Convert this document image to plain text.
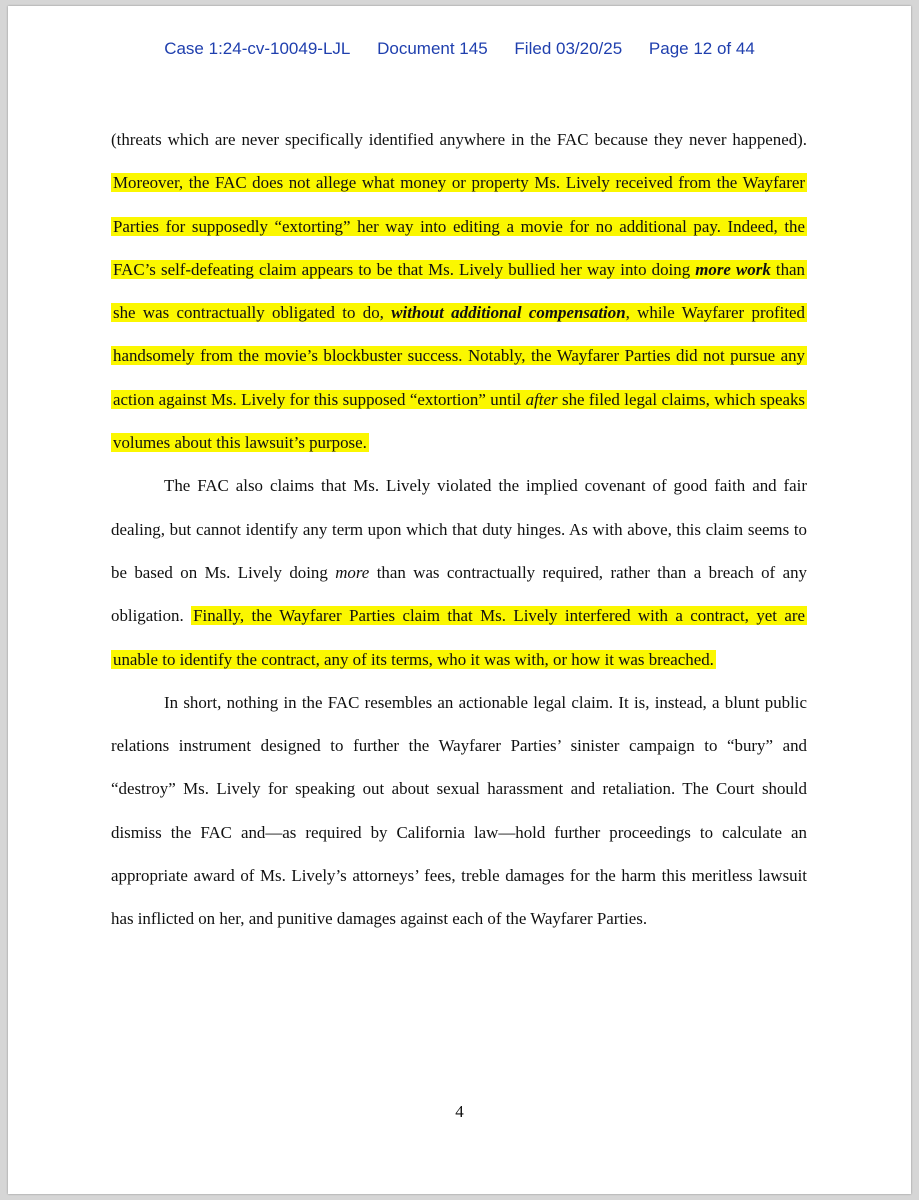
Case 1:24-cv-10049-LJL Document 145 Filed 03/20/25 Page 12 of 44

(threats which are never specifically identified anywhere in the FAC because they never happened). Moreover, the FAC does not allege what money or property Ms. Lively received from the Wayfarer Parties for supposedly “extorting” her way into editing a movie for no additional pay. Indeed, the FAC’s self-defeating claim appears to be that Ms. Lively bullied her way into doing more work than she was contractually obligated to do, without additional compensation, while Wayfarer profited handsomely from the movie’s blockbuster success. Notably, the Wayfarer Parties did not pursue any action against Ms. Lively for this supposed “extortion” until after she filed legal claims, which speaks volumes about this lawsuit’s purpose.

The FAC also claims that Ms. Lively violated the implied covenant of good faith and fair dealing, but cannot identify any term upon which that duty hinges. As with above, this claim seems to be based on Ms. Lively doing more than was contractually required, rather than a breach of any obligation. Finally, the Wayfarer Parties claim that Ms. Lively interfered with a contract, yet are unable to identify the contract, any of its terms, who it was with, or how it was breached.

In short, nothing in the FAC resembles an actionable legal claim. It is, instead, a blunt public relations instrument designed to further the Wayfarer Parties’ sinister campaign to “bury” and “destroy” Ms. Lively for speaking out about sexual harassment and retaliation. The Court should dismiss the FAC and—as required by California law—hold further proceedings to calculate an appropriate award of Ms. Lively’s attorneys’ fees, treble damages for the harm this meritless lawsuit has inflicted on her, and punitive damages against each of the Wayfarer Parties.

4
